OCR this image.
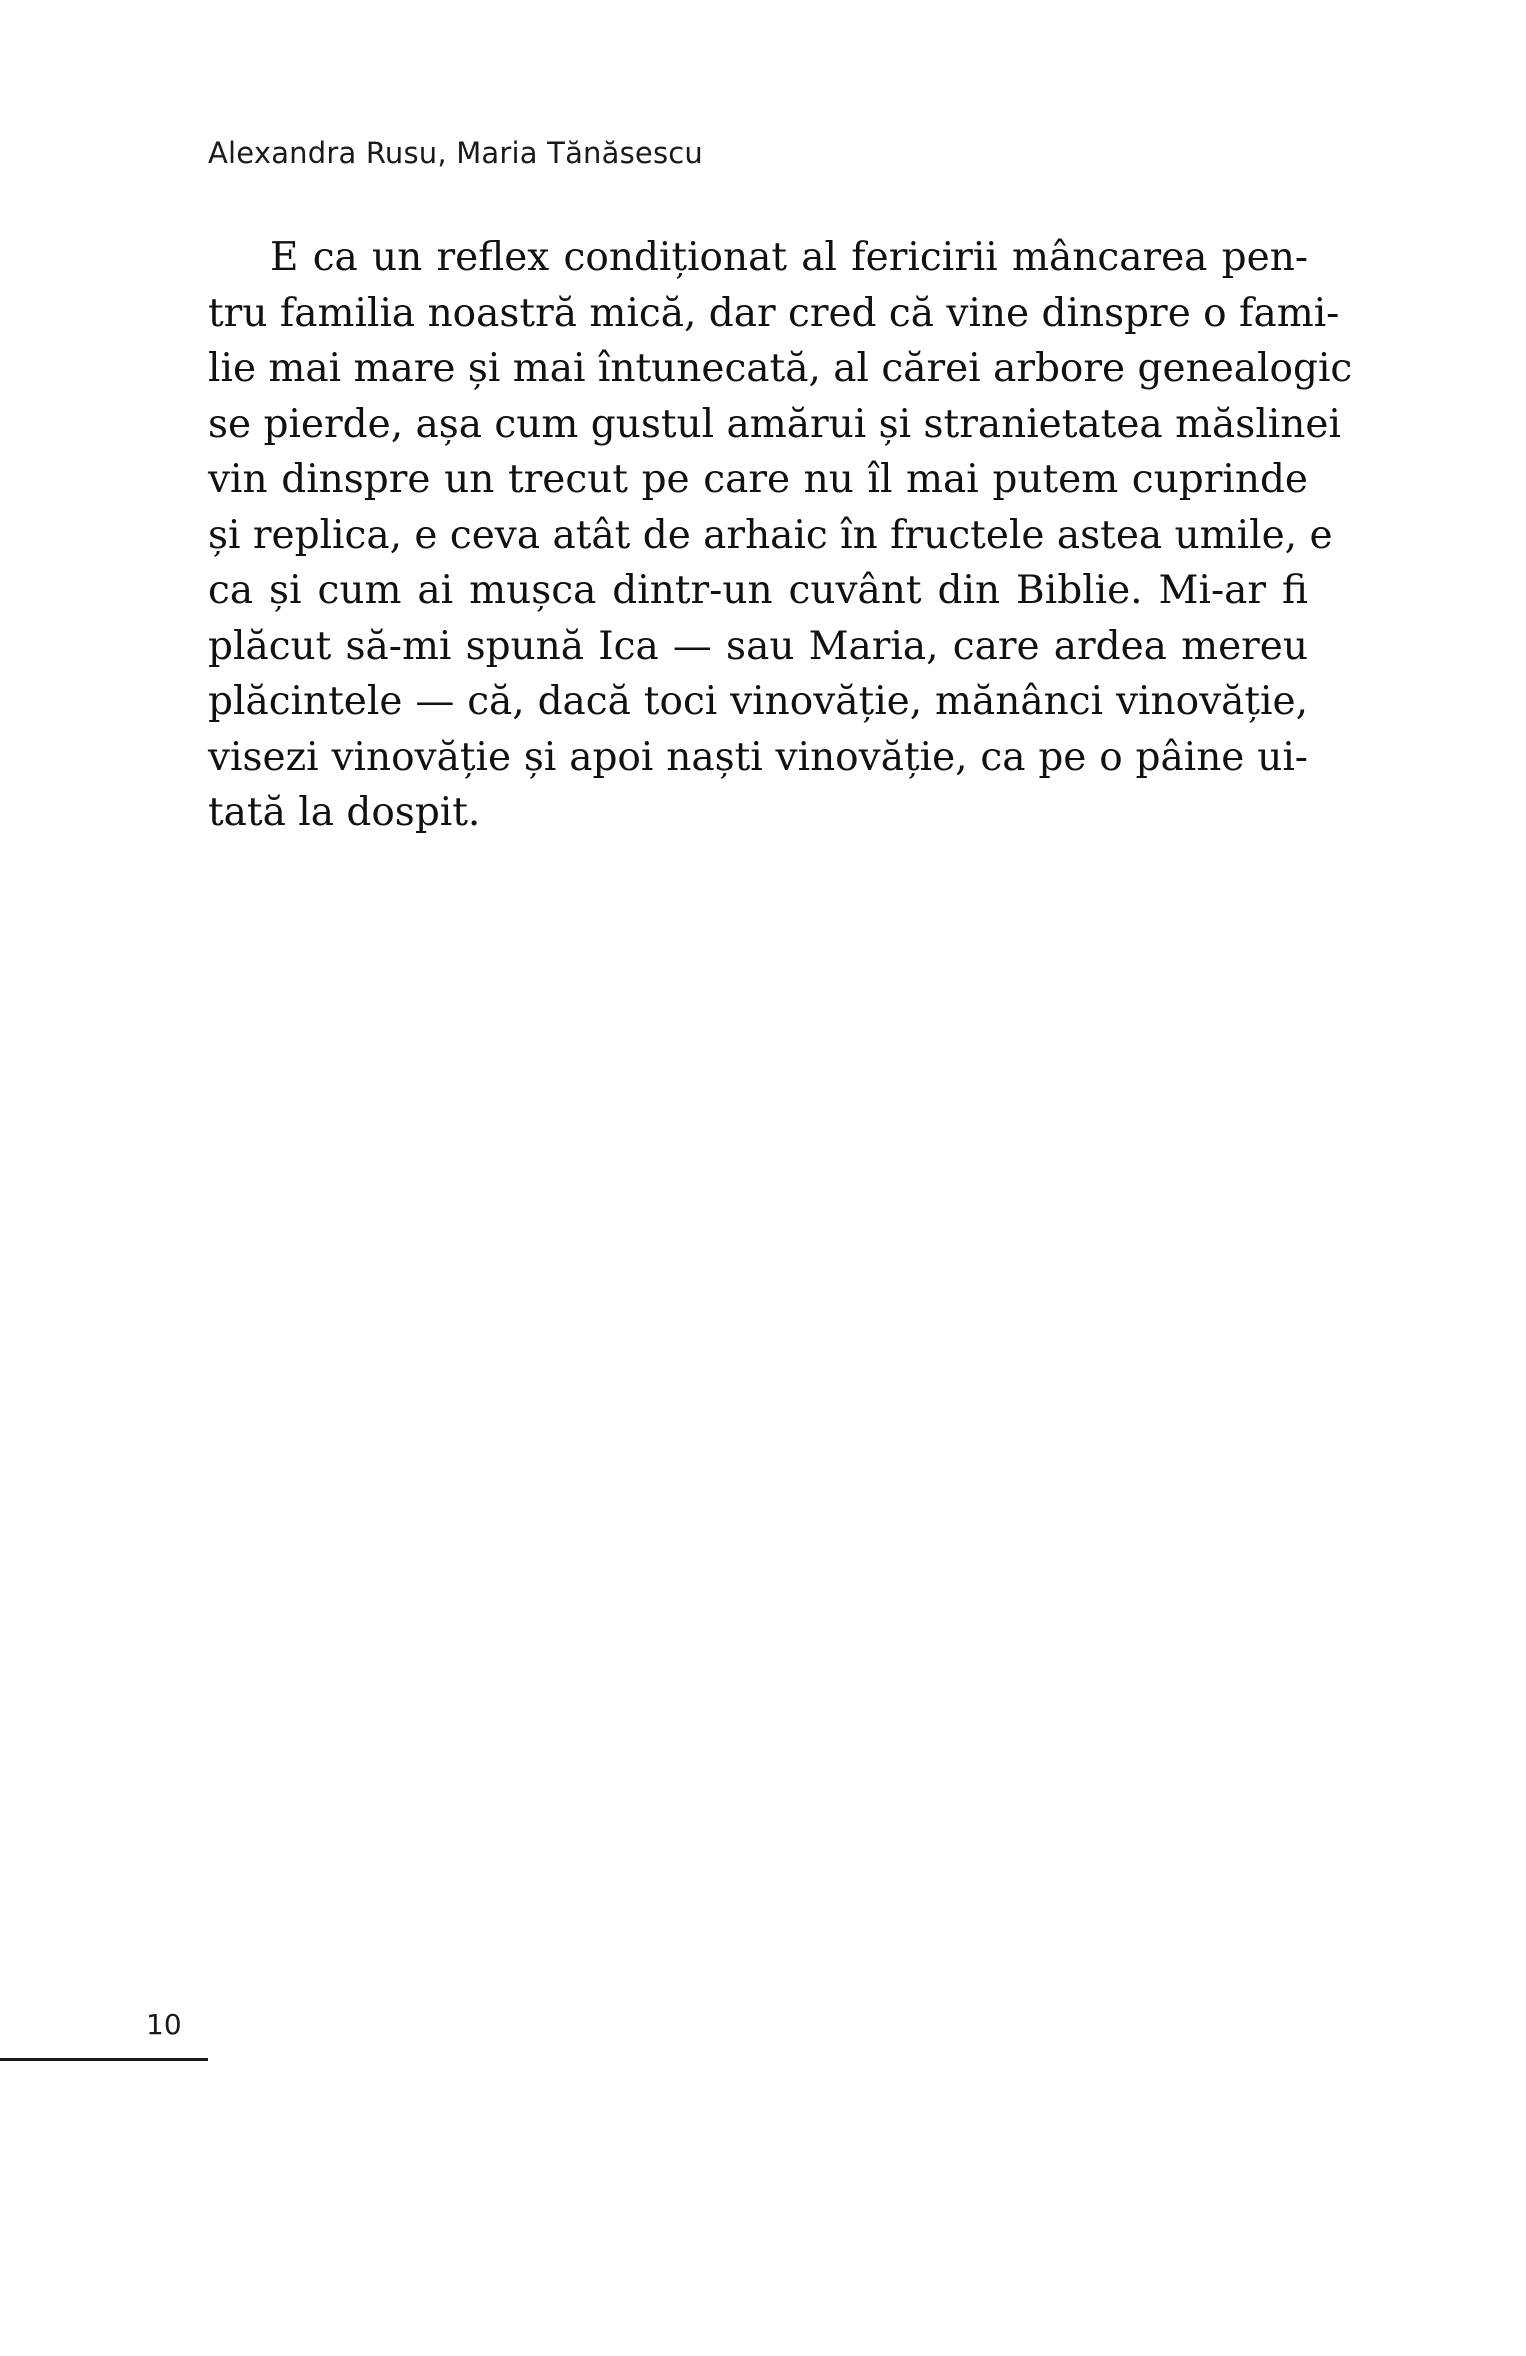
Alexandra Rusu, Maria Tănăsescu
E ca un reflex condiționat al fericirii mâncarea pen-
tru familia noastră mică, dar cred că vine dinspre o fami-
lie mai mare și mai întunecată, al cărei arbore genealogic
se pierde, așa cum gustul amărui și stranietatea măslinei
vin dinspre un trecut pe care nu îl mai putem cuprinde
și replica, e ceva atât de arhaic în fructele astea umile, e
ca și cum ai mușca dintr-un cuvânt din Biblie. Mi-ar fi
plăcut să-mi spună Ica — sau Maria, care ardea mereu
plăcintele — că, dacă toci vinovăție, mănânci vinovăție,
visezi vinovăție și apoi naști vinovăție, ca pe o pâine ui-
tată la dospit.
10
